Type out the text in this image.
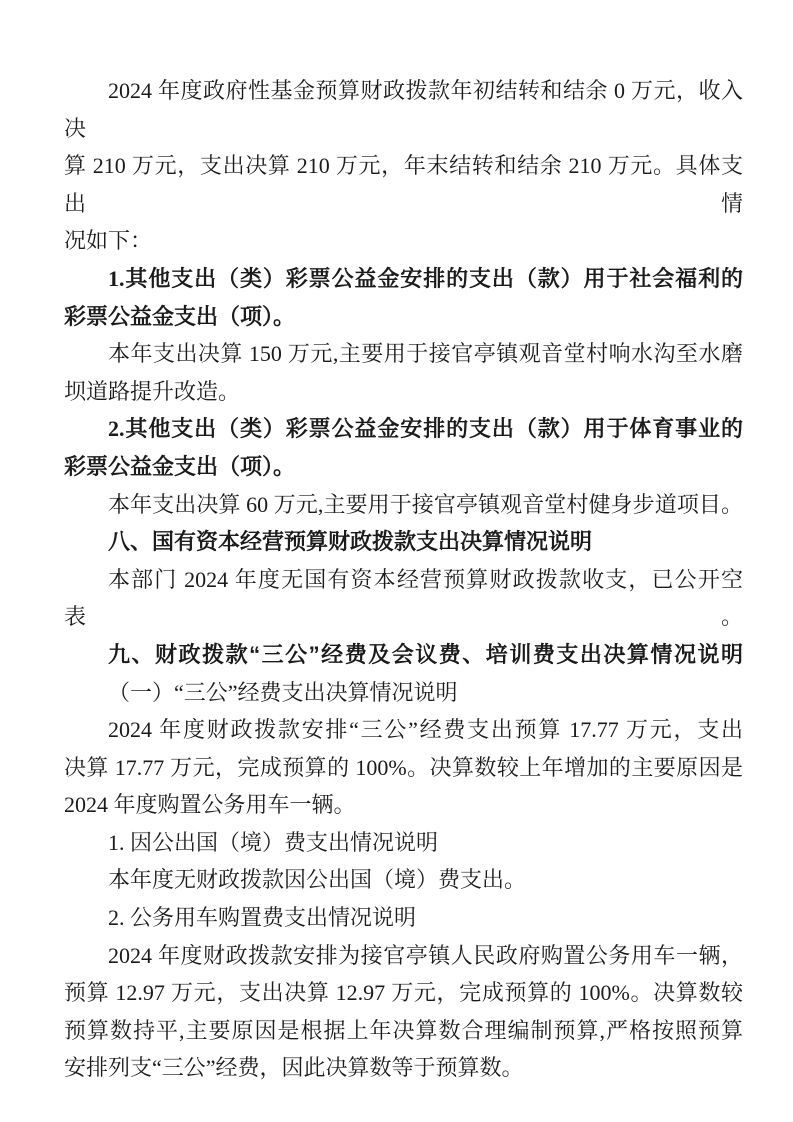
2024 年度政府性基金预算财政拨款年初结转和结余 0 万元，收入决
算 210 万元，支出决算 210 万元，年末结转和结余 210 万元。具体支出情
况如下：
1.其他支出（类）彩票公益金安排的支出（款）用于社会福利的
彩票公益金支出（项）。
本年支出决算 150 万元,主要用于接官亭镇观音堂村响水沟至水磨
坝道路提升改造。
2.其他支出（类）彩票公益金安排的支出（款）用于体育事业的
彩票公益金支出（项）。
本年支出决算 60 万元,主要用于接官亭镇观音堂村健身步道项目。
八、国有资本经营预算财政拨款支出决算情况说明
本部门 2024 年度无国有资本经营预算财政拨款收支，已公开空表。
九、财政拨款“三公”经费及会议费、培训费支出决算情况说明
（一）“三公”经费支出决算情况说明
2024 年度财政拨款安排“三公”经费支出预算 17.77 万元，支出
决算 17.77 万元，完成预算的 100%。决算数较上年增加的主要原因是
2024 年度购置公务用车一辆。
1. 因公出国（境）费支出情况说明
本年度无财政拨款因公出国（境）费支出。
2. 公务用车购置费支出情况说明
2024 年度财政拨款安排为接官亭镇人民政府购置公务用车一辆，
预算 12.97 万元，支出决算 12.97 万元，完成预算的 100%。决算数较
预算数持平,主要原因是根据上年决算数合理编制预算,严格按照预算
安排列支“三公”经费，因此决算数等于预算数。
